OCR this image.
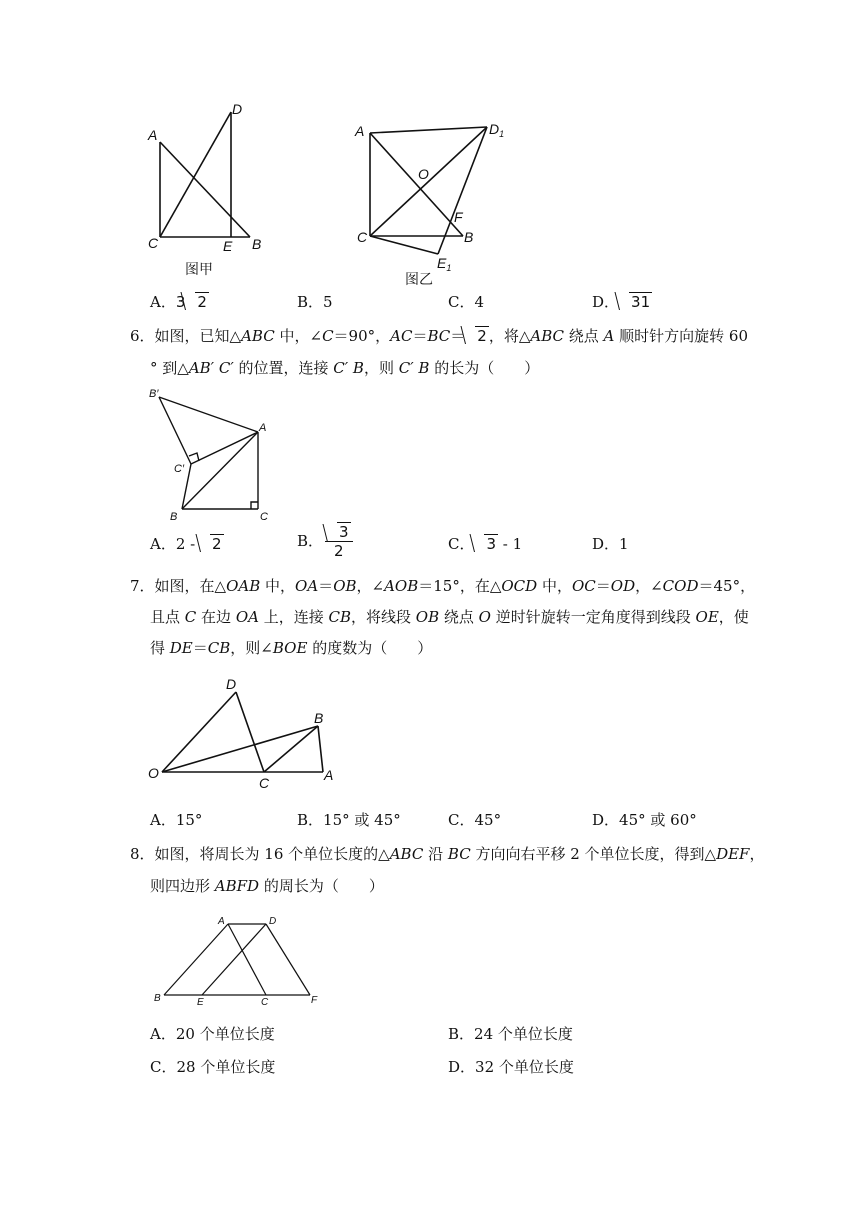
A
D
C	E B
图甲
A	$D_1$
O
F
C	B
$E_1$
图乙
A．3 2	B．5	C．4	D． 31
6．如图，已知△ABC 中，∠C＝90°，AC＝BC＝ 2 ，将△ABC 绕点 A 顺时针方向旋转 60
° 到△AB′ C′ 的位置，连接 C′ B，则 C′ B 的长为（　　）
B′
A
C′
B	C
A．2 - 2	B． $\frac{3}{2}$	C． 3 - 1	D．1
7．如图，在△OAB 中，OA＝OB，∠AOB＝15°，在△OCD 中，OC＝OD，∠COD＝45°，
且点 C 在边 OA 上，连接 CB，将线段 OB 绕点 O 逆时针旋转一定角度得到线段 OE，使
得 DE＝CB，则∠BOE 的度数为（　　）
D
B
O
C	A
A．15°	B．15° 或 45°	C．45°	D．45° 或 60°
8．如图，将周长为 16 个单位长度的△ABC 沿 BC 方向向右平移 2 个单位长度，得到△DEF，
则四边形 ABFD 的周长为（　　）
A	D
B	E	C	F
A．20 个单位长度	B．24 个单位长度
C．28 个单位长度	D．32 个单位长度
